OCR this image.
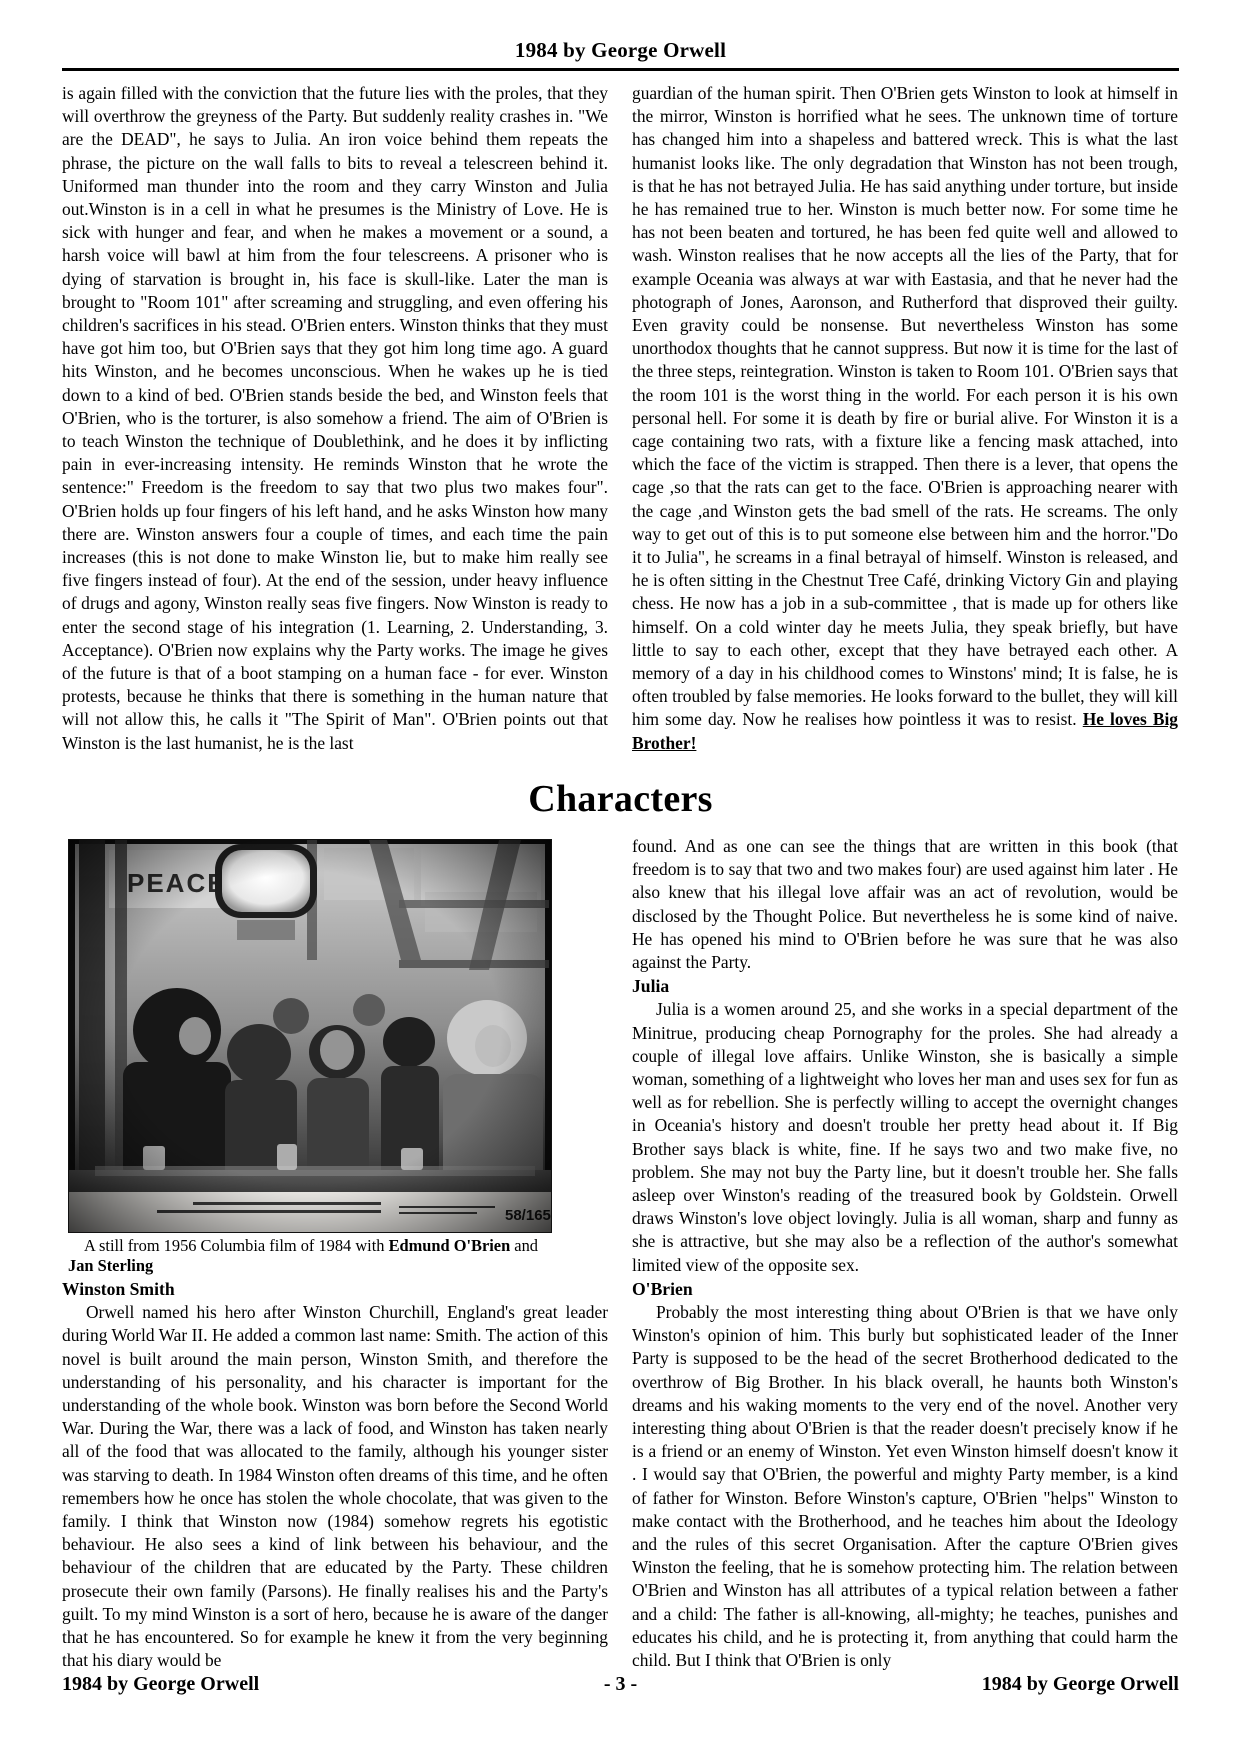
1984 by George Orwell

is again filled with the conviction that the future lies with the proles, that they will overthrow the greyness of the Party. But suddenly reality crashes in. "We are the DEAD", he says to Julia. An iron voice behind them repeats the phrase, the picture on the wall falls to bits to reveal a telescreen behind it. Uniformed man thunder into the room and they carry Winston and Julia out.Winston is in a cell in what he presumes is the Ministry of Love. He is sick with hunger and fear, and when he makes a movement or a sound, a harsh voice will bawl at him from the four telescreens. A prisoner who is dying of starvation is brought in, his face is skull-like. Later the man is brought to "Room 101" after screaming and struggling, and even offering his children's sacrifices in his stead. O'Brien enters. Winston thinks that they must have got him too, but O'Brien says that they got him long time ago. A guard hits Winston, and he becomes unconscious. When he wakes up he is tied down to a kind of bed. O'Brien stands beside the bed, and Winston feels that O'Brien, who is the torturer, is also somehow a friend. The aim of O'Brien is to teach Winston the technique of Doublethink, and he does it by inflicting pain in ever-increasing intensity. He reminds Winston that he wrote the sentence:" Freedom is the freedom to say that two plus two makes four". O'Brien holds up four fingers of his left hand, and he asks Winston how many there are. Winston answers four a couple of times, and each time the pain increases (this is not done to make Winston lie, but to make him really see five fingers instead of four). At the end of the session, under heavy influence of drugs and agony, Winston really seas five fingers. Now Winston is ready to enter the second stage of his integration (1. Learning, 2. Understanding, 3. Acceptance). O'Brien now explains why the Party works. The image he gives of the future is that of a boot stamping on a human face - for ever. Winston protests, because he thinks that there is something in the human nature that will not allow this, he calls it "The Spirit of Man". O'Brien points out that Winston is the last humanist, he is the last

guardian of the human spirit. Then O'Brien gets Winston to look at himself in the mirror, Winston is horrified what he sees. The unknown time of torture has changed him into a shapeless and battered wreck. This is what the last humanist looks like. The only degradation that Winston has not been trough, is that he has not betrayed Julia. He has said anything under torture, but inside he has remained true to her. Winston is much better now. For some time he has not been beaten and tortured, he has been fed quite well and allowed to wash. Winston realises that he now accepts all the lies of the Party, that for example Oceania was always at war with Eastasia, and that he never had the photograph of Jones, Aaronson, and Rutherford that disproved their guilty. Even gravity could be nonsense. But nevertheless Winston has some unorthodox thoughts that he cannot suppress. But now it is time for the last of the three steps, reintegration. Winston is taken to Room 101. O'Brien says that the room 101 is the worst thing in the world. For each person it is his own personal hell. For some it is death by fire or burial alive. For Winston it is a cage containing two rats, with a fixture like a fencing mask attached, into which the face of the victim is strapped. Then there is a lever, that opens the cage ,so that the rats can get to the face. O'Brien is approaching nearer with the cage ,and Winston gets the bad smell of the rats. He screams. The only way to get out of this is to put someone else between him and the horror."Do it to Julia", he screams in a final betrayal of himself. Winston is released, and he is often sitting in the Chestnut Tree Café, drinking Victory Gin and playing chess. He now has a job in a sub-committee , that is made up for others like himself. On a cold winter day he meets Julia, they speak briefly, but have little to say to each other, except that they have betrayed each other. A memory of a day in his childhood comes to Winstons' mind; It is false, he is often troubled by false memories. He looks forward to the bullet, they will kill him some day. Now he realises how pointless it was to resist. He loves Big Brother!

Characters
A still from 1956 Columbia film of 1984 with Edmund O'Brien and Jan Sterling
Winston Smith

Orwell named his hero after Winston Churchill, England's great leader during World War II. He added a common last name: Smith. The action of this novel is built around the main person, Winston Smith, and therefore the understanding of his personality, and his character is important for the understanding of the whole book. Winston was born before the Second World War. During the War, there was a lack of food, and Winston has taken nearly all of the food that was allocated to the family, although his younger sister was starving to death. In 1984 Winston often dreams of this time, and he often remembers how he once has stolen the whole chocolate, that was given to the family. I think that Winston now (1984) somehow regrets his egotistic behaviour. He also sees a kind of link between his behaviour, and the behaviour of the children that are educated by the Party. These children prosecute their own family (Parsons). He finally realises his and the Party's guilt. To my mind Winston is a sort of hero, because he is aware of the danger that he has encountered. So for example he knew it from the very beginning that his diary would be

found. And as one can see the things that are written in this book (that freedom is to say that two and two makes four) are used against him later . He also knew that his illegal love affair was an act of revolution, would be disclosed by the Thought Police. But nevertheless he is some kind of naive. He has opened his mind to O'Brien before he was sure that he was also against the Party.

Julia

Julia is a women around 25, and she works in a special department of the Minitrue, producing cheap Pornography for the proles. She had already a couple of illegal love affairs. Unlike Winston, she is basically a simple woman, something of a lightweight who loves her man and uses sex for fun as well as for rebellion. She is perfectly willing to accept the overnight changes in Oceania's history and doesn't trouble her pretty head about it. If Big Brother says black is white, fine. If he says two and two make five, no problem. She may not buy the Party line, but it doesn't trouble her. She falls asleep over Winston's reading of the treasured book by Goldstein. Orwell draws Winston's love object lovingly. Julia is all woman, sharp and funny as she is attractive, but she may also be a reflection of the author's somewhat limited view of the opposite sex.

O'Brien

Probably the most interesting thing about O'Brien is that we have only Winston's opinion of him. This burly but sophisticated leader of the Inner Party is supposed to be the head of the secret Brotherhood dedicated to the overthrow of Big Brother. In his black overall, he haunts both Winston's dreams and his waking moments to the very end of the novel. Another very interesting thing about O'Brien is that the reader doesn't precisely know if he is a friend or an enemy of Winston. Yet even Winston himself doesn't know it . I would say that O'Brien, the powerful and mighty Party member, is a kind of father for Winston. Before Winston's capture, O'Brien "helps" Winston to make contact with the Brotherhood, and he teaches him about the Ideology and the rules of this secret Organisation. After the capture O'Brien gives Winston the feeling, that he is somehow protecting him. The relation between O'Brien and Winston has all attributes of a typical relation between a father and a child: The father is all-knowing, all-mighty; he teaches, punishes and educates his child, and he is protecting it, from anything that could harm the child. But I think that O'Brien is only

1984 by George Orwell	- 3 -	1984 by George Orwell
